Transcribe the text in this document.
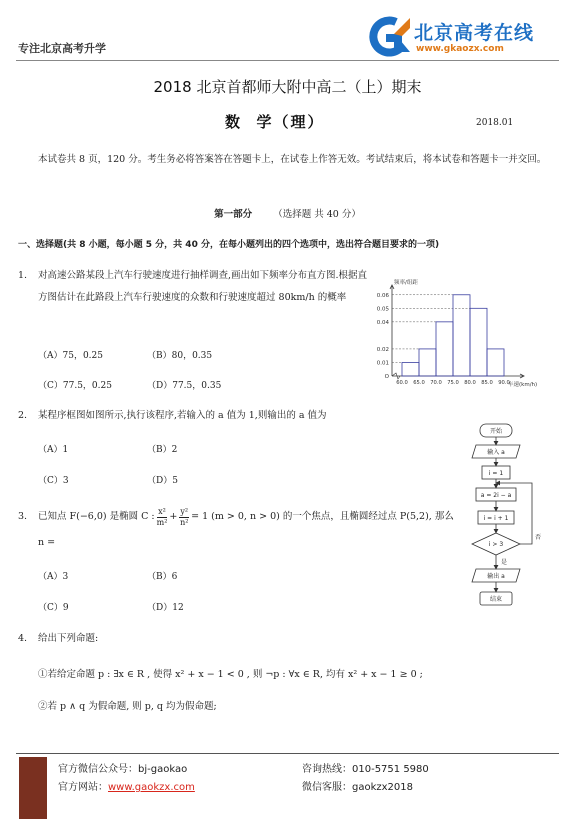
专注北京高考升学
北京高考在线
www.gkaozx.com
2018 北京首都师大附中高二（上）期末
数  学（理）	2018.01
本试卷共 8 页，120 分。考生务必将答案答在答题卡上，在试卷上作答无效。考试结束后，将本试卷和答题卡一并交回。
第一部分 （选择题 共 40 分）
一、选择题(共 8 小题，每小题 5 分，共 40 分，在每小题列出的四个选项中，选出符合题目要求的一项)
1. 对高速公路某段上汽车行驶速度进行抽样调查,画出如下频率分布直方图.根据直方图估计在此路段上汽车行驶速度的众数和行驶速度超过 80km/h 的概率
（A）75，0.25	（B）80，0.35
（C）77.5，0.25	（D）77.5，0.35
频率/组距
车速(km/h)
0.06
0.05
0.04
0.02
0.01
O
60.0 65.0 70.0 75.0 80.0 85.0 90.0
开始
输入 a
i = 1
a = 2i − a
i = i + 1
i > 3
是
否
输出 a
结束
2. 某程序框图如图所示,执行该程序,若输入的 a 值为 1,则输出的 a 值为
（A）1	（B）2
（C）3	（D）5
3. 已知点 F(−6,0) 是椭圆 C : $\frac{\text{x²}}{\text{m²}} + \frac{\text{y²}}{\text{n²}} = 1$ (m > 0, n > 0) 的一个焦点，且椭圆经过点 P(5,2), 那么
n =
（A）3	（B）6
（C）9	（D）12
4. 给出下列命题:
①若给定命题 p : ∃x ∈ R , 使得 x² + x − 1 < 0 , 则 ¬p : ∀x ∈ R, 均有 x² + x − 1 ≥ 0 ;
②若 p ∧ q 为假命题, 则 p, q 均为假命题;
官方微信公众号：bj-gaokao
官方网站：www.gaokzx.com
咨询热线：010-5751 5980
微信客服：gaokzx2018
